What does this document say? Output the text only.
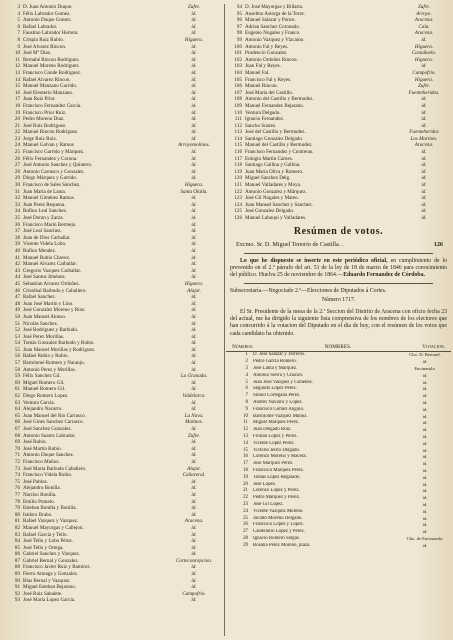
3 D. Juan Antonio Duque.	Zufre.
4 Félix Labrador Gomez.	id.
5 Antonio Duque Gomez.	id.
6 Rafael Labrador.	id.
7 Faustino Labrador Herrera.	id.
8 Crispin Ruiz Rubio.	Higuera.
9 José Alvarez Rincon.	id.
10 José Mª Diaz.	id.
11 Bernabé Rincon Rodriguez.	id.
12 Manuel Moreno Rodriguez.	id.
13 Francisco Conde Rodriguez.	id.
14 Rafael Alvarez Rincon.	id.
15 Manuel Manzano Garrido.	id.
16 José Eleuterio Manzano.	id.
17 Juan Ruiz Prior.	id.
18 Francisco Fernandez García.	id.
19 Francisco Prior Ruiz.	id.
20 Pedro Moreno Diaz.	id.
21 José Ruiz Rodriguez.	id.
22 Manuel Rincon Rodriguez.	id.
23 Jorge Ruiz Ruiz.	id.
24 Manuel Galvan y Ramos	Arroyomolinos.
25 Francisco Garrido y Márquez.	id.
26 Félix Fernandez y Corona.	id.
27 José Antonio Sanchez y Quintero.	id.
28 Antonio Carrasco y Gonzalez.	id.
29 Diego Márquez y Garrido.	id.
30 Francisco de Sales Sanchez.	Higuera.
31 Juan María de Lama.	Santa Olalla.
32 Manuel Giménez Ramos.	id.
33 Juan Perez Requena.	id.
34 Rufino Leal Sanchez.	id.
35 José Doran y Zarza.	id.
36 Francisco Marin Bermejo.	id.
37 José Leal Sanchez.	id.
38 Juan de Dios Carballar.	id.
39 Vicente Videla Lobo.	id.
40 Rufino Mendez.	id.
41 Manuel Rubio Chavez.	id.
42 Manuel Alvarez Carballar.	id.
43 Gregorio Vazquez Carballar.	id.
44 José Santos Jiménez.	id.
45 Sebastian Alvarez Ordoñez.	Higuera.
46 Cristóbal Barbudo y Caballero.	Alajar.
47 Rafael Sanchez.	id.
48 Juan José Martin y Lino.	id.
49 José Gonzalez Moreno y Rios.	id.
50 Juan Manuel Alonso.	id.
51 Nicolás Sanchez.	id.
52 José Rodriguez y Barbudo.	id.
53 José Perez Morillas.	id.
54 Tomás Gonzalez Barbudo y Rubio.	id.
55 Juan Manuel Morillas y Rodriguez.	id.
56 Rafael Rubio y Rubio.	id.
57 Bartolomé Romero y Naranjo.	id.
58 Antonio Perez y Morillas.	id.
59 Félix Sanchez Gil.	La Granada.
60 Miguel Romero Gil.	id.
61 Manuel Romero Gil.	id.
62 Diego Romero Lopez.	Valdelarco.
63 Ventura García.	id.
64 Alejandro Navarro.	id.
65 Juan Manuel del Rio Carrasco.	La Nava.
66 José Gines Sanchez Carrasco.	Matines.
67 José Sanchez Gonzalez.	id.
68 Antonio Suarez Labrador.	Zufre.
69 José Rubio.	id.
70 José Martin Rubio.	id.
71 Antonio Duque Sanchez.	id.
72 Francisco Muñoz.	id.
73 José María Barbudo Caballero.	Alajar.
74 Francisco Videla Rubio.	Cañaveral.
75 José Pablos.	id.
76 Alejandro Bonilla.	id.
77 Narciso Bonilla.	id.
78 Emilio Pomelo.	id.
79 Esteban Bonilla y Bonilla.	id.
80 Isidoro Brabo.	id.
81 Rafael Vazquez y Vazquez.	Aracena.
82 Manuel Mayorgas y Callejon.	id.
83 Rafael García y Tello.	id.
84 José Tello y Lobo Pérez.	id.
85 José Tello y Ortega.	id.
86 Gabriel Sanchez y Vazquez.	id.
87 Gabriel Bernal y Gonzalez.	Corteconcepcion.
88 Francisco Javier Ruiz y Ramirez.	id.
89 Fierro Arteaga y Gonzalez.	id.
90 Blas Bernal y Vazquez.	id.
91 Miguel Esteban Bejarano.	id.
92 José Ruiz Sabalete.	Campofrio.
93 José María Lopez García.	id.
94 D. José Mayorgas y Billarta.	Zufre.
95 Anselmo Astorga de la Torre.	Arroyo.
96 Manuel Salazar y Ponce.	Aracena.
97 Adrian Sanchez Coronado.	Cala.
98 Eugenio Nogales y Franco.	Aracena.
99 Antonio Vazquez y Vizcaíno.	id.
100 Antonio Fal y Reyes.	Higuera.
101 Prudencio Gonzalez.	Castañuelo.
102 Antonio Ordoñez Rincon.	Higuera.
103 Juan Fal y Reyes.	id.
104 Manuel Fal.	Campofrio.
105 Francisco Fal y Reyes.	Higuera.
106 Manuel Rincon.	Zufre.
107 José María del Castillo.	Fuenteheridos.
108 Antonio del Castillo y Bermudez.	id.
109 Manuel Fernandez Bejarano.	id.
110 Ventura Delgado.	id.
111 Ignacio Fernandez.	id.
112 Sancho Suarez.	id.
113 José del Castillo y Bermudez.	Fuenteheridos
114 Santiago Gonzalez Delgado.	Los Marines.
115 Manuel del Castillo y Bermudez.	Aracena.
116 Francisco Fernandez y Contreras.	id.
117 Eulogio Martin Carnes.	id.
118 Santiago Gallina y Gallina.	id.
119 Juan María Oliva y Romero.	id.
120 Miguel Sanchez Delg.	id.
121 Manuel Valladares y Moya.	id.
122 Antonio Gonzalez y Márquez.	id.
123 José Gil Nogales y Mateo.	id.
124 Juan Manuel Sanchez y Sanchez.	id.
125 José Gonzalez Delgado.	id.
126 Manuel Lahoqui y Valladares.	id.
Resúmen de votos.
Excmo. Sr. D. Miguel Tenorio de Castilla. .	126
Lo que he dispuesto se inserte en este periódico oficial, en cumplimiento de lo prevenido en el 2.º párrafo del art. 51 de la ley de 18 de marzo de 1846 para conocimiento del público. Huelva 25 de noviembre de 1864.—Eduardo Fernandez de Córdoba.
Subsecretaría.—Negociado 2.º—Elecciones de Diputados á Cortes.
Número 1717.
El Sr. Presidente de la mesa de la 2.ª Seccion del Distrito de Aracena con oficio fecha 23 del actual, me ha dirigido la siguiente lista comprensiva de los nombres de los electores que han concurrido á la votacion del Diputado en el dia de hoy, con el resúmen de los votos que cada candidato ha obtenido.
Números.	NOMBRES.	Votacion.
1	D. José Salazar y Terreros.	Cho. D. Bertond.
2	Pedro García Romero.	id.
3	José Lama y Márquez.	Encinasola.
4	Antonio Sierra y Chacon.	id.
5	Juan José Vazquez y Gimenez.	id.
6	Segundo Lopez Pérez.	id.
7	Simon Cortegana Pérez.	id.
8	Andrés Navarro y Lopez.	id.
9	Francisco Gomez Angulo.	id.
10	Bartolomé Vazquez Muñoz.	id.
11	Miguel Márquez Pérez.	id.
12	Juan Delgado Ruiz.	id.
13	Froilan Lopez y Perez.	id.
14	Vicente Lopez Perez.	id.
15	Victorio Jerito Delgado.	id.
16	Lorenzo Moreno y Macera.	id.
17	José Márquez Perez.	id.
18	Francisco Márquez Perez.	id.
19	Tomás Lopez Regalado.	id.
20	José Lopez.	id.
21	Lorenzo Lopez y Perez.	id.
22	Pedro Márquez y Perez.	id.
23	José Gil Lopez.	id.
24	Vicente Vazquez Moreno.	id.
25	Jacinto Moreno Delgado.	id.
26	Francisco Lopez y Lopez.	id.
27	Candelario Lopez y Perez.	id.
28	Ignacio Romero Sergas.	Cho. de Encinasola.
29	Rosalia Perez Moreno, plaza.	id.
